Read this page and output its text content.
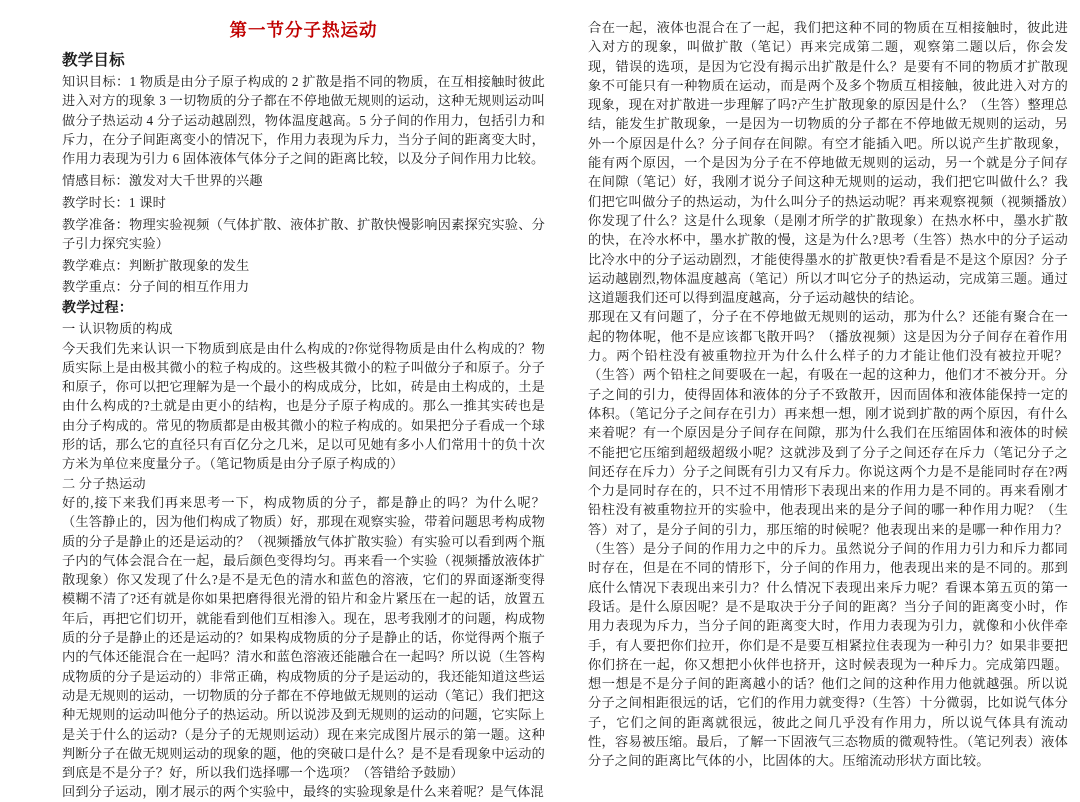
第一节分子热运动
教学目标

知识目标：1 物质是由分子原子构成的 2 扩散是指不同的物质，在互相接触时彼此进入对方的现象 3 一切物质的分子都在不停地做无规则的运动，这种无规则运动叫做分子热运动 4 分子运动越剧烈，物体温度越高。5 分子间的作用力，包括引力和斥力，在分子间距离变小的情况下，作用力表现为斥力，当分子间的距离变大时，作用力表现为引力 6 固体液体气体分子之间的距离比较，以及分子间作用力比较。

情感目标：激发对大千世界的兴趣

教学时长：1 课时

教学准备：物理实验视频（气体扩散、液体扩散、扩散快慢影响因素探究实验、分子引力探究实验）

教学难点：判断扩散现象的发生

教学重点：分子间的相互作用力

教学过程：

一 认识物质的构成

今天我们先来认识一下物质到底是由什么构成的?你觉得物质是由什么构成的？物质实际上是由极其微小的粒子构成的。这些极其微小的粒子叫做分子和原子。分子和原子，你可以把它理解为是一个最小的构成成分，比如，砖是由土构成的，土是由什么构成的?土就是由更小的结构，也是分子原子构成的。那么一推其实砖也是由分子构成的。常见的物质都是由极其微小的粒子构成的。如果把分子看成一个球形的话，那么它的直径只有百亿分之几米，足以可见她有多小人们常用十的负十次方米为单位来度量分子。（笔记物质是由分子原子构成的）

二 分子热运动

好的,接下来我们再来思考一下，构成物质的分子，都是静止的吗？为什么呢？（生答静止的，因为他们构成了物质）好，那现在观察实验，带着问题思考构成物质的分子是静止的还是运动的？（视频播放气体扩散实验）有实验可以看到两个瓶子内的气体会混合在一起，最后颜色变得均匀。再来看一个实验（视频播放液体扩散现象）你又发现了什么?是不是无色的清水和蓝色的溶液，它们的界面逐渐变得模糊不清了?还有就是你如果把磨得很光滑的铅片和金片紧压在一起的话，放置五年后，再把它们切开，就能看到他们互相渗入。现在，思考我刚才的问题，构成物质的分子是静止的还是运动的？如果构成物质的分子是静止的话，你觉得两个瓶子内的气体还能混合在一起吗？清水和蓝色溶液还能融合在一起吗？所以说（生答构成物质的分子是运动的）非常正确，构成物质的分子是运动的，我还能知道这些运动是无规则的运动，一切物质的分子都在不停地做无规则的运动（笔记）我们把这种无规则的运动叫他分子的热运动。所以说涉及到无规则的运动的问题，它实际上是关于什么的运动?（是分子的无规则运动）现在来完成图片展示的第一题。这种判断分子在做无规则运动的现象的题，他的突破口是什么？是不是看现象中运动的到底是不是分子？好，所以我们选择哪一个选项？（答错给予鼓励）

回到分子运动，刚才展示的两个实验中，最终的实验现象是什么来着呢？是气体混

合在一起，液体也混合在了一起，我们把这种不同的物质在互相接触时，彼此进入对方的现象，叫做扩散（笔记）再来完成第二题，观察第二题以后，你会发现，错误的选项，是因为它没有揭示出扩散是什么？是要有不同的物质才扩散现象不可能只有一种物质在运动，而是两个及多个物质互相接触，彼此进入对方的现象，现在对扩散进一步理解了吗?产生扩散现象的原因是什么？（生答）整理总结，能发生扩散现象，一是因为一切物质的分子都在不停地做无规则的运动，另外一个原因是什么？分子间存在间隙。有空才能插入吧。所以说产生扩散现象，能有两个原因，一个是因为分子在不停地做无规则的运动，另一个就是分子间存在间隙（笔记）好，我刚才说分子间这种无规则的运动，我们把它叫做什么？我们把它叫做分子的热运动，为什么叫分子的热运动呢？再来观察视频（视频播放）你发现了什么？这是什么现象（是刚才所学的扩散现象）在热水杯中，墨水扩散的快，在冷水杯中，墨水扩散的慢，这是为什么?思考（生答）热水中的分子运动比冷水中的分子运动剧烈，才能使得墨水的扩散更快?看看是不是这个原因？分子运动越剧烈,物体温度越高（笔记）所以才叫它分子的热运动，完成第三题。通过这道题我们还可以得到温度越高，分子运动越快的结论。

那现在又有问题了，分子在不停地做无规则的运动，那为什么？还能有聚合在一起的物体呢，他不是应该都飞散开吗？（播放视频）这是因为分子间存在着作用力。两个铅柱没有被重物拉开为什么什么样子的力才能让他们没有被拉开呢？（生答）两个铅柱之间要吸在一起，有吸在一起的这种力，他们才不被分开。分子之间的引力，使得固体和液体的分子不致散开，因而固体和液体能保持一定的体积。（笔记分子之间存在引力）再来想一想，刚才说到扩散的两个原因，有什么来着呢？有一个原因是分子间存在间隙，那为什么我们在压缩固体和液体的时候不能把它压缩到超级超级小呢？这就涉及到了分子之间还存在斥力（笔记分子之间还存在斥力）分子之间既有引力又有斥力。你说这两个力是不是能同时存在?两个力是同时存在的，只不过不用情形下表现出来的作用力是不同的。再来看刚才铅柱没有被重物拉开的实验中，他表现出来的是分子间的哪一种作用力呢？（生答）对了，是分子间的引力，那压缩的时候呢？他表现出来的是哪一种作用力？（生答）是分子间的作用力之中的斥力。虽然说分子间的作用力引力和斥力都同时存在，但是在不同的情形下，分子间的作用力，他表现出来的是不同的。那到底什么情况下表现出来引力？什么情况下表现出来斥力呢？看课本第五页的第一段话。是什么原因呢？是不是取决于分子间的距离？当分子间的距离变小时，作用力表现为斥力，当分子间的距离变大时，作用力表现为引力，就像和小伙伴牵手，有人要把你们拉开，你们是不是要互相紧拉住表现为一种引力？如果非要把你们挤在一起，你又想把小伙伴也挤开，这时候表现为一种斥力。完成第四题。想一想是不是分子间的距离越小的话？他们之间的这种作用力他就越强。所以说分子之间相距很远的话，它们的作用力就变得?（生答）十分微弱，比如说气体分子，它们之间的距离就很远，彼此之间几乎没有作用力，所以说气体具有流动性，容易被压缩。最后，了解一下固液气三态物质的微观特性。（笔记列表）液体分子之间的距离比气体的小，比固体的大。压缩流动形状方面比较。
